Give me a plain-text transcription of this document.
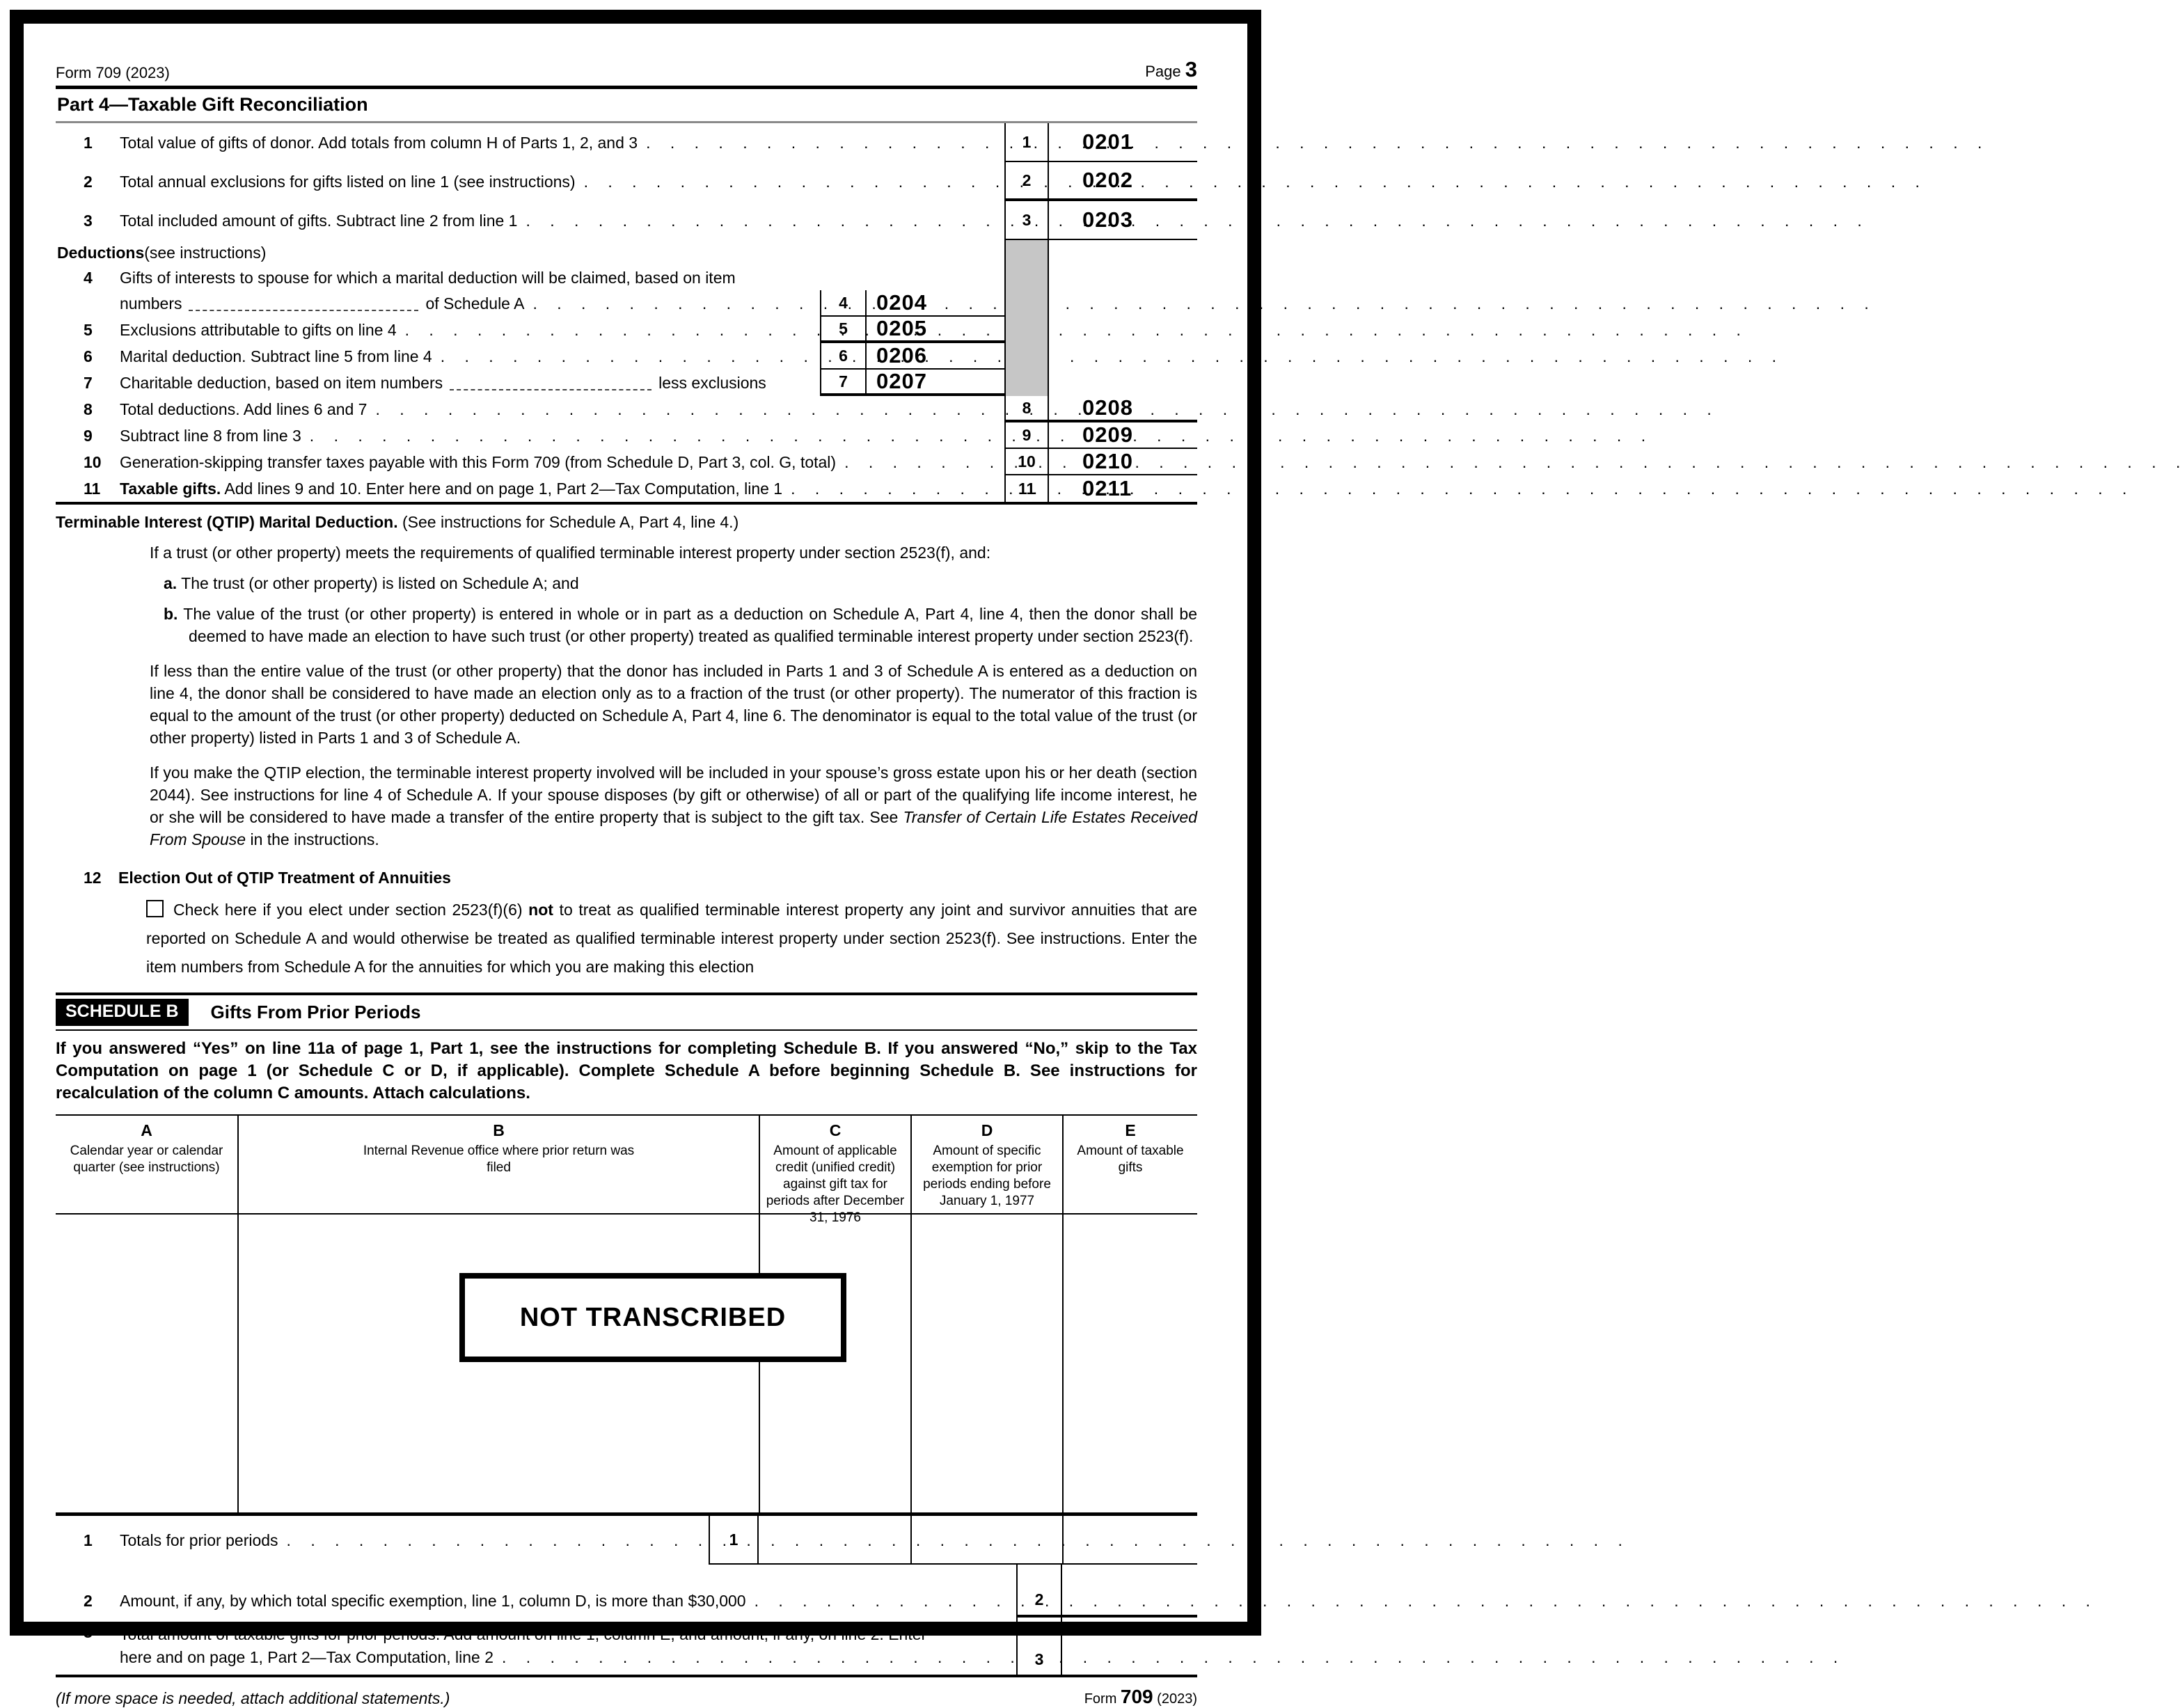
Form 709 (2023)	Page 3
Part 4—Taxable Gift Reconciliation
1	Total value of gifts of donor. Add totals from column H of Parts 1, 2, and 3 . . .	1	0201
2	Total annual exclusions for gifts listed on line 1 (see instructions) . . .	2	0202
3	Total included amount of gifts. Subtract line 2 from line 1 . . .	3	0203
Deductions (see instructions)
4	Gifts of interests to spouse for which a marital deduction will be claimed, based on item
numbers	of Schedule A . . .	4	0204
5	Exclusions attributable to gifts on line 4 . . .	5	0205
6	Marital deduction. Subtract line 5 from line 4 . . .	6	0206
7	Charitable deduction, based on item numbers	less exclusions	7	0207
8	Total deductions. Add lines 6 and 7 . . .	8	0208
9	Subtract line 8 from line 3 . . .	9	0209
10	Generation-skipping transfer taxes payable with this Form 709 (from Schedule D, Part 3, col. G, total) . . .	10	0210
11	Taxable gifts. Add lines 9 and 10. Enter here and on page 1, Part 2—Tax Computation, line 1 . . .	11	0211
Terminable Interest (QTIP) Marital Deduction. (See instructions for Schedule A, Part 4, line 4.)
If a trust (or other property) meets the requirements of qualified terminable interest property under section 2523(f), and:
a. The trust (or other property) is listed on Schedule A; and
b. The value of the trust (or other property) is entered in whole or in part as a deduction on Schedule A, Part 4, line 4, then the donor shall be deemed to have made an election to have such trust (or other property) treated as qualified terminable interest property under section 2523(f).
If less than the entire value of the trust (or other property) that the donor has included in Parts 1 and 3 of Schedule A is entered as a deduction on line 4, the donor shall be considered to have made an election only as to a fraction of the trust (or other property). The numerator of this fraction is equal to the amount of the trust (or other property) deducted on Schedule A, Part 4, line 6. The denominator is equal to the total value of the trust (or other property) listed in Parts 1 and 3 of Schedule A.
If you make the QTIP election, the terminable interest property involved will be included in your spouse’s gross estate upon his or her death (section 2044). See instructions for line 4 of Schedule A. If your spouse disposes (by gift or otherwise) of all or part of the qualifying life income interest, he or she will be considered to have made a transfer of the entire property that is subject to the gift tax. See Transfer of Certain Life Estates Received From Spouse in the instructions.
12	Election Out of QTIP Treatment of Annuities
Check here if you elect under section 2523(f)(6) not to treat as qualified terminable interest property any joint and survivor annuities that are reported on Schedule A and would otherwise be treated as qualified terminable interest property under section 2523(f). See instructions. Enter the item numbers from Schedule A for the annuities for which you are making this election
SCHEDULE B	Gifts From Prior Periods
If you answered “Yes” on line 11a of page 1, Part 1, see the instructions for completing Schedule B. If you answered “No,” skip to the Tax Computation on page 1 (or Schedule C or D, if applicable). Complete Schedule A before beginning Schedule B. See instructions for recalculation of the column C amounts. Attach calculations.
A
Calendar year or calendar quarter (see instructions)
B
Internal Revenue office where prior return was filed
C
Amount of applicable credit (unified credit) against gift tax for periods after December 31, 1976
D
Amount of specific exemption for prior periods ending before January 1, 1977
E
Amount of taxable gifts
NOT TRANSCRIBED
1	Totals for prior periods . . .	1
2	Amount, if any, by which total specific exemption, line 1, column D, is more than $30,000 . . .	2
3	Total amount of taxable gifts for prior periods. Add amount on line 1, column E, and amount, if any, on line 2. Enter
here and on page 1, Part 2—Tax Computation, line 2 . . .	3
(If more space is needed, attach additional statements.)	Form 709 (2023)
